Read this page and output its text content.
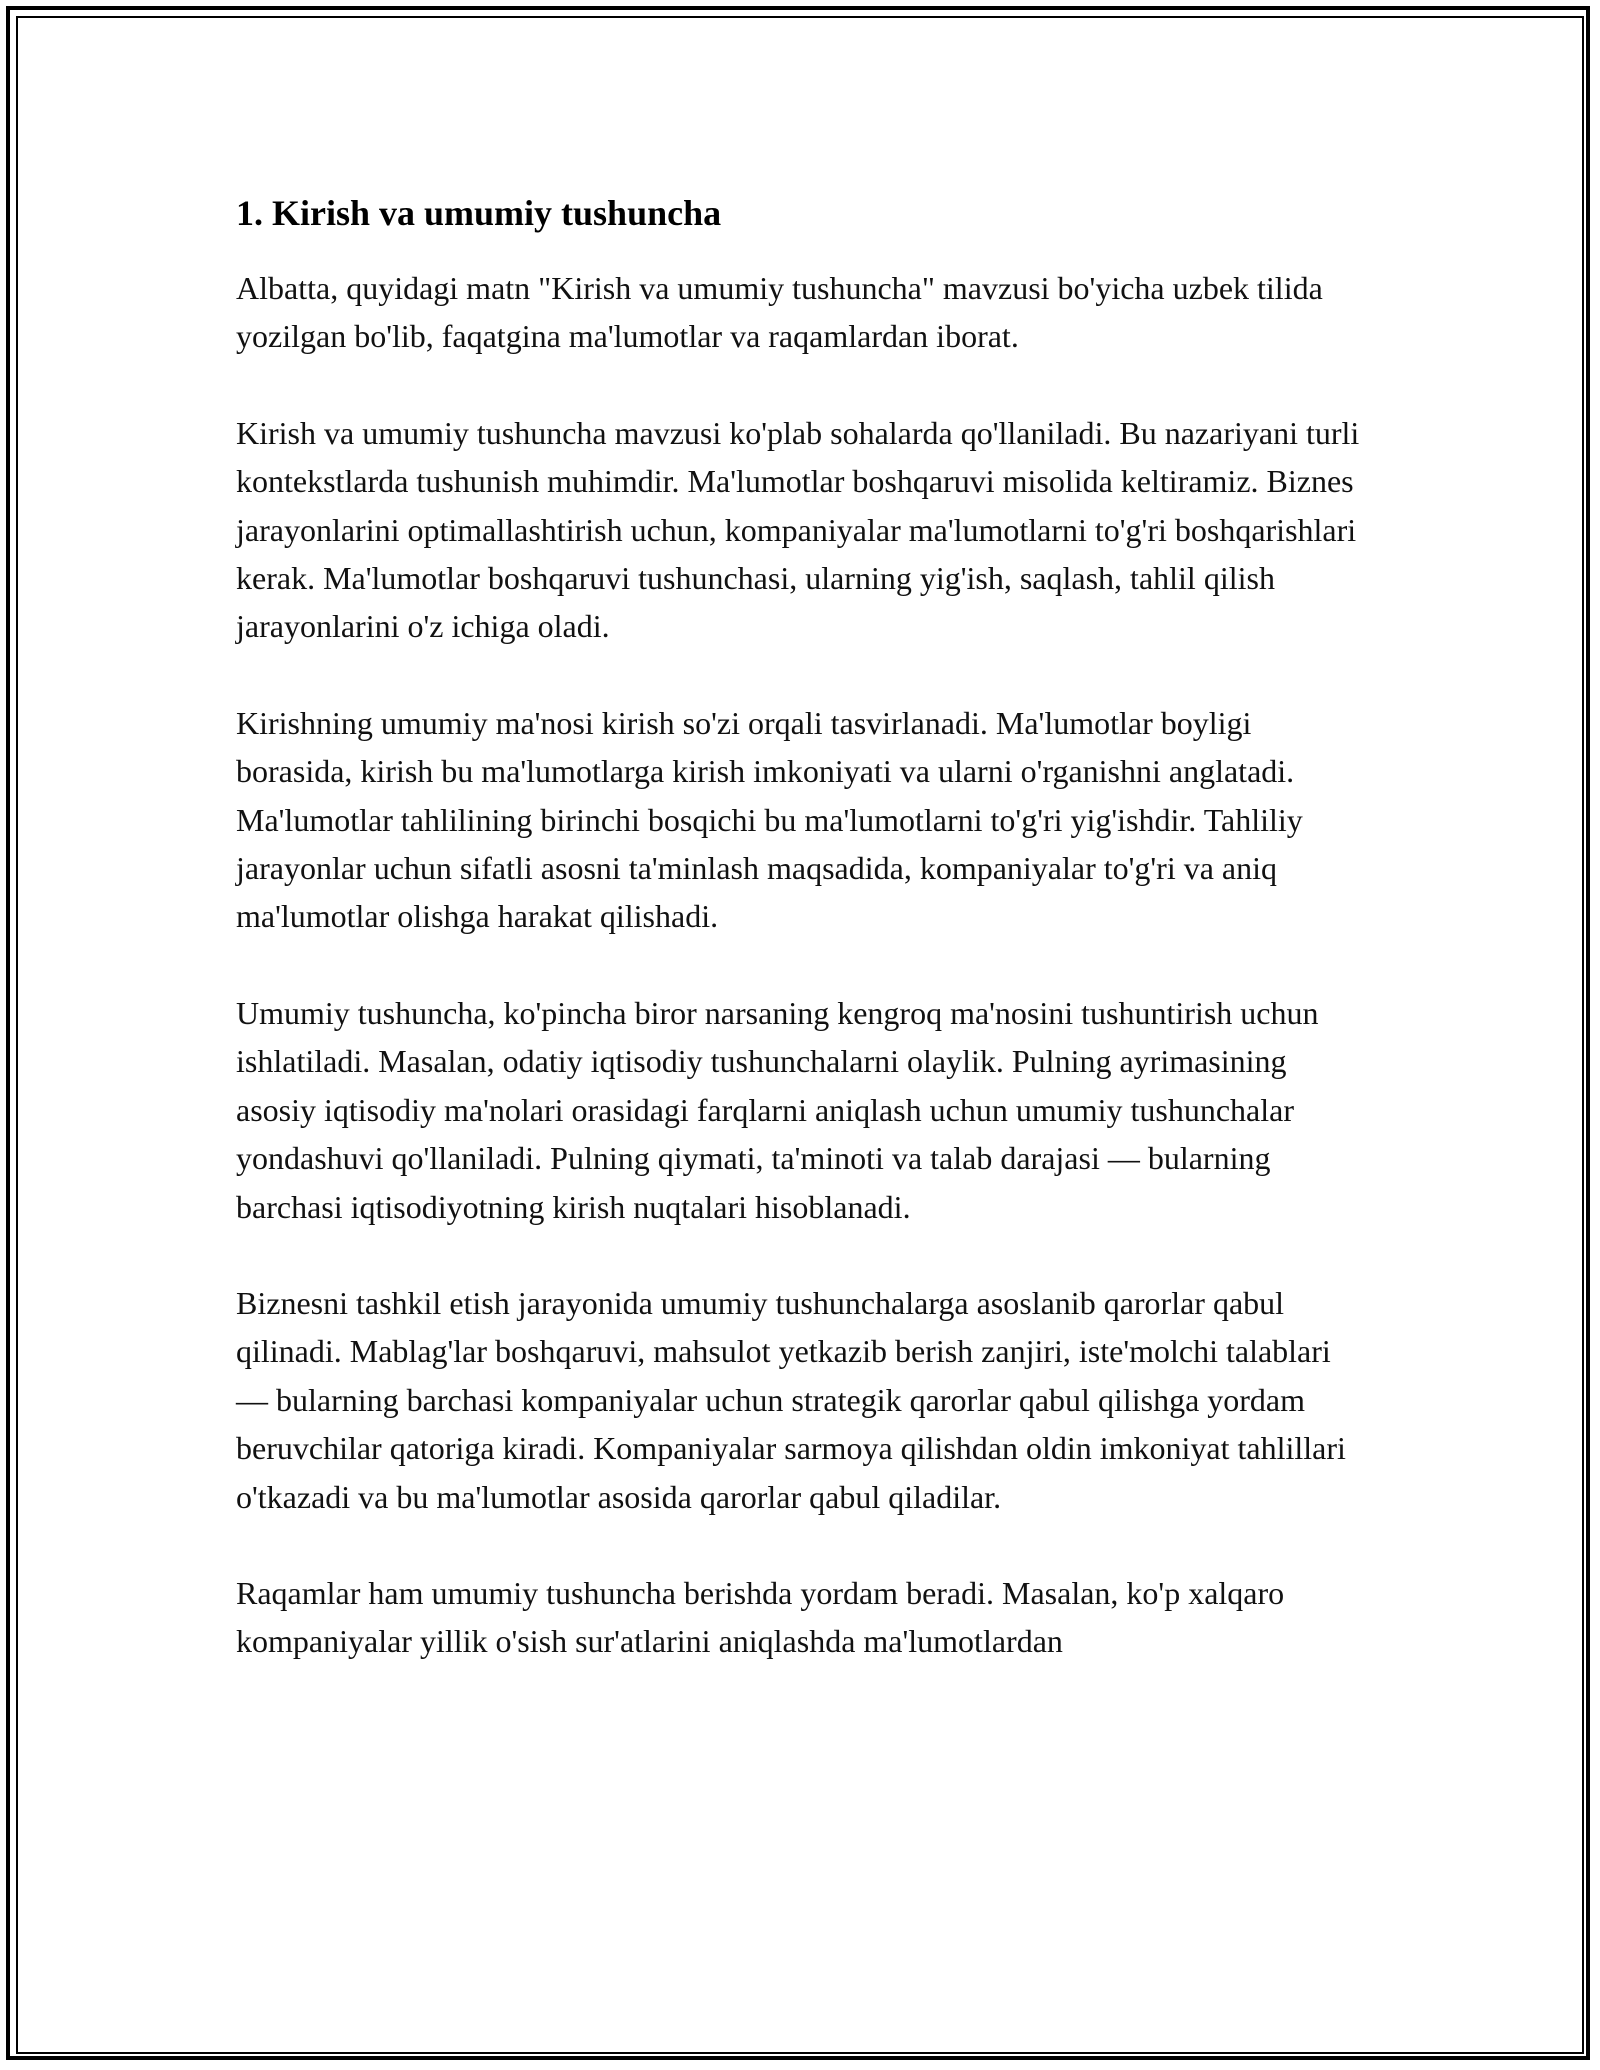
1. Kirish va umumiy tushuncha

Albatta, quyidagi matn "Kirish va umumiy tushuncha" mavzusi bo'yicha uzbek tilida yozilgan bo'lib, faqatgina ma'lumotlar va raqamlardan iborat.

Kirish va umumiy tushuncha mavzusi ko'plab sohalarda qo'llaniladi. Bu nazariyani turli kontekstlarda tushunish muhimdir. Ma'lumotlar boshqaruvi misolida keltiramiz. Biznes jarayonlarini optimallashtirish uchun, kompaniyalar ma'lumotlarni to'g'ri boshqarishlari kerak. Ma'lumotlar boshqaruvi tushunchasi, ularning yig'ish, saqlash, tahlil qilish jarayonlarini o'z ichiga oladi.

Kirishning umumiy ma'nosi kirish so'zi orqali tasvirlanadi. Ma'lumotlar boyligi borasida, kirish bu ma'lumotlarga kirish imkoniyati va ularni o'rganishni anglatadi. Ma'lumotlar tahlilining birinchi bosqichi bu ma'lumotlarni to'g'ri yig'ishdir. Tahliliy jarayonlar uchun sifatli asosni ta'minlash maqsadida, kompaniyalar to'g'ri va aniq ma'lumotlar olishga harakat qilishadi.

Umumiy tushuncha, ko'pincha biror narsaning kengroq ma'nosini tushuntirish uchun ishlatiladi. Masalan, odatiy iqtisodiy tushunchalarni olaylik. Pulning ayrimasining asosiy iqtisodiy ma'nolari orasidagi farqlarni aniqlash uchun umumiy tushunchalar yondashuvi qo'llaniladi. Pulning qiymati, ta'minoti va talab darajasi — bularning barchasi iqtisodiyotning kirish nuqtalari hisoblanadi.

Biznesni tashkil etish jarayonida umumiy tushunchalarga asoslanib qarorlar qabul qilinadi. Mablag'lar boshqaruvi, mahsulot yetkazib berish zanjiri, iste'molchi talablari — bularning barchasi kompaniyalar uchun strategik qarorlar qabul qilishga yordam beruvchilar qatoriga kiradi. Kompaniyalar sarmoya qilishdan oldin imkoniyat tahlillari o'tkazadi va bu ma'lumotlar asosida qarorlar qabul qiladilar.

Raqamlar ham umumiy tushuncha berishda yordam beradi. Masalan, ko'p xalqaro kompaniyalar yillik o'sish sur'atlarini aniqlashda ma'lumotlardan
